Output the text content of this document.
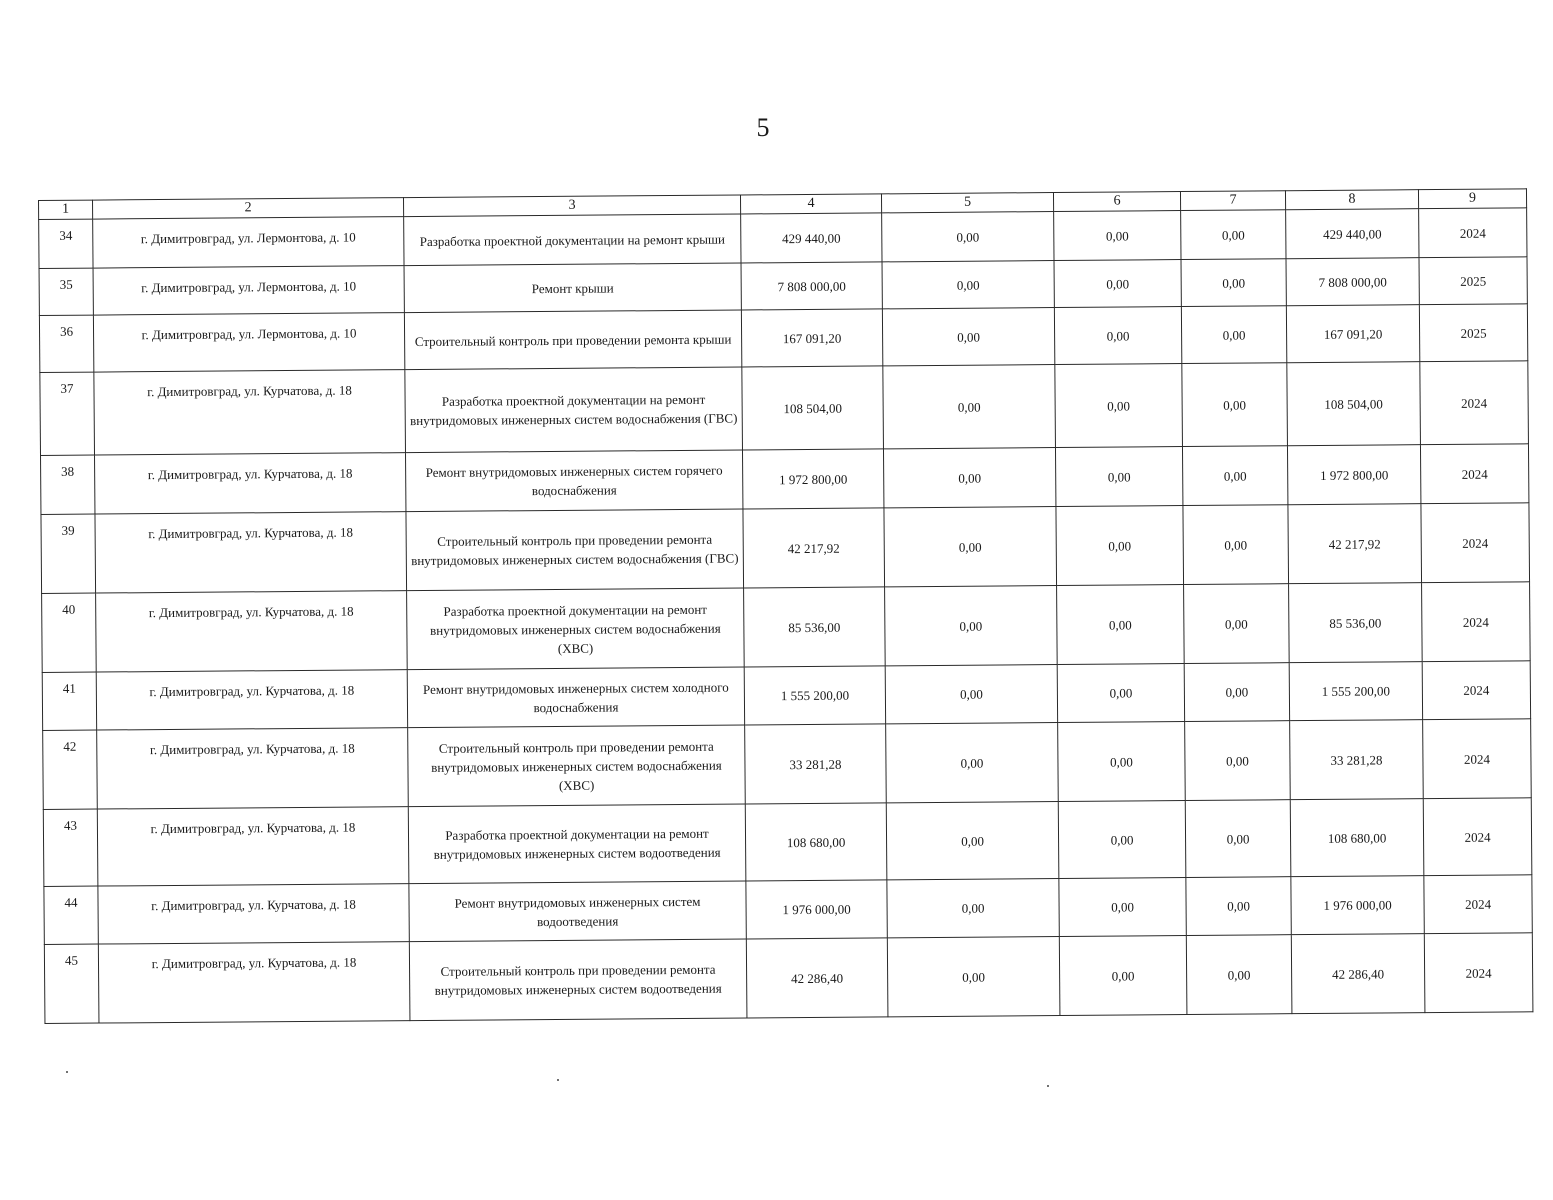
5
1	2	3	4	5	6	7	8	9
34	г. Димитровград, ул. Лермонтова, д. 10	Разработка проектной документации на ремонт крыши	429 440,00	0,00	0,00	0,00	429 440,00	2024
35	г. Димитровград, ул. Лермонтова, д. 10	Ремонт крыши	7 808 000,00	0,00	0,00	0,00	7 808 000,00	2025
36	г. Димитровград, ул. Лермонтова, д. 10	Строительный контроль при проведении ремонта крыши	167 091,20	0,00	0,00	0,00	167 091,20	2025
37	г. Димитровград, ул. Курчатова, д. 18	Разработка проектной документации на ремонт внутридомовых инженерных систем водоснабжения (ГВС)	108 504,00	0,00	0,00	0,00	108 504,00	2024
38	г. Димитровград, ул. Курчатова, д. 18	Ремонт внутридомовых инженерных систем горячего водоснабжения	1 972 800,00	0,00	0,00	0,00	1 972 800,00	2024
39	г. Димитровград, ул. Курчатова, д. 18	Строительный контроль при проведении ремонта внутридомовых инженерных систем водоснабжения (ГВС)	42 217,92	0,00	0,00	0,00	42 217,92	2024
40	г. Димитровград, ул. Курчатова, д. 18	Разработка проектной документации на ремонт внутридомовых инженерных систем водоснабжения (ХВС)	85 536,00	0,00	0,00	0,00	85 536,00	2024
41	г. Димитровград, ул. Курчатова, д. 18	Ремонт внутридомовых инженерных систем холодного водоснабжения	1 555 200,00	0,00	0,00	0,00	1 555 200,00	2024
42	г. Димитровград, ул. Курчатова, д. 18	Строительный контроль при проведении ремонта внутридомовых инженерных систем водоснабжения (ХВС)	33 281,28	0,00	0,00	0,00	33 281,28	2024
43	г. Димитровград, ул. Курчатова, д. 18	Разработка проектной документации на ремонт внутридомовых инженерных систем водоотведения	108 680,00	0,00	0,00	0,00	108 680,00	2024
44	г. Димитровград, ул. Курчатова, д. 18	Ремонт внутридомовых инженерных систем водоотведения	1 976 000,00	0,00	0,00	0,00	1 976 000,00	2024
45	г. Димитровград, ул. Курчатова, д. 18	Строительный контроль при проведении ремонта внутридомовых инженерных систем водоотведения	42 286,40	0,00	0,00	0,00	42 286,40	2024
